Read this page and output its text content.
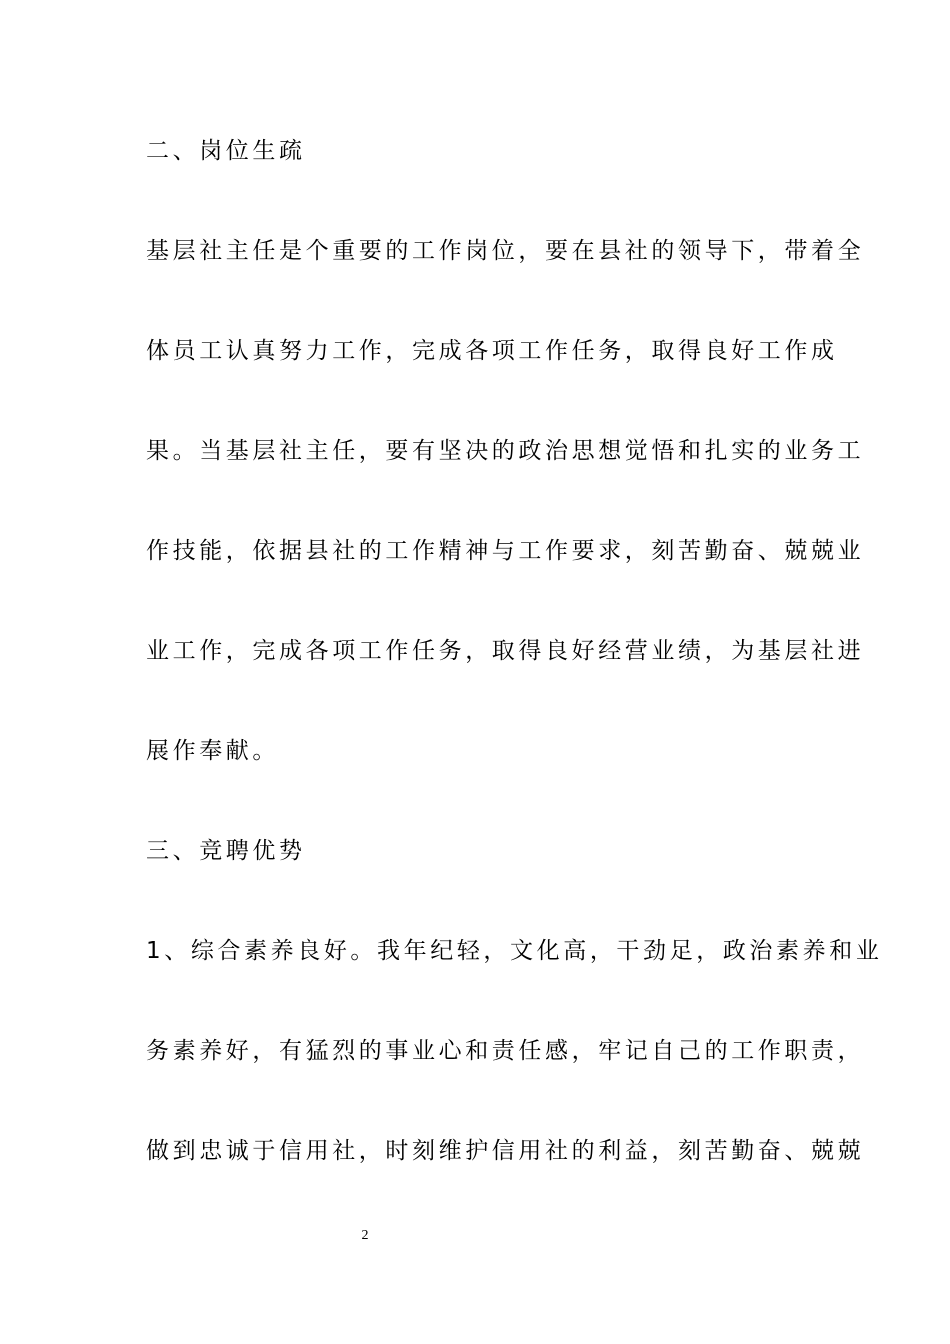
二、岗位生疏
基层社主任是个重要的工作岗位，要在县社的领导下，带着全
体员工认真努力工作，完成各项工作任务，取得良好工作成
果。当基层社主任，要有坚决的政治思想觉悟和扎实的业务工
作技能，依据县社的工作精神与工作要求，刻苦勤奋、兢兢业
业工作，完成各项工作任务，取得良好经营业绩，为基层社进
展作奉献。
三、竞聘优势
1、综合素养良好。我年纪轻，文化高，干劲足，政治素养和业
务素养好，有猛烈的事业心和责任感，牢记自己的工作职责，
做到忠诚于信用社，时刻维护信用社的利益，刻苦勤奋、兢兢
2
